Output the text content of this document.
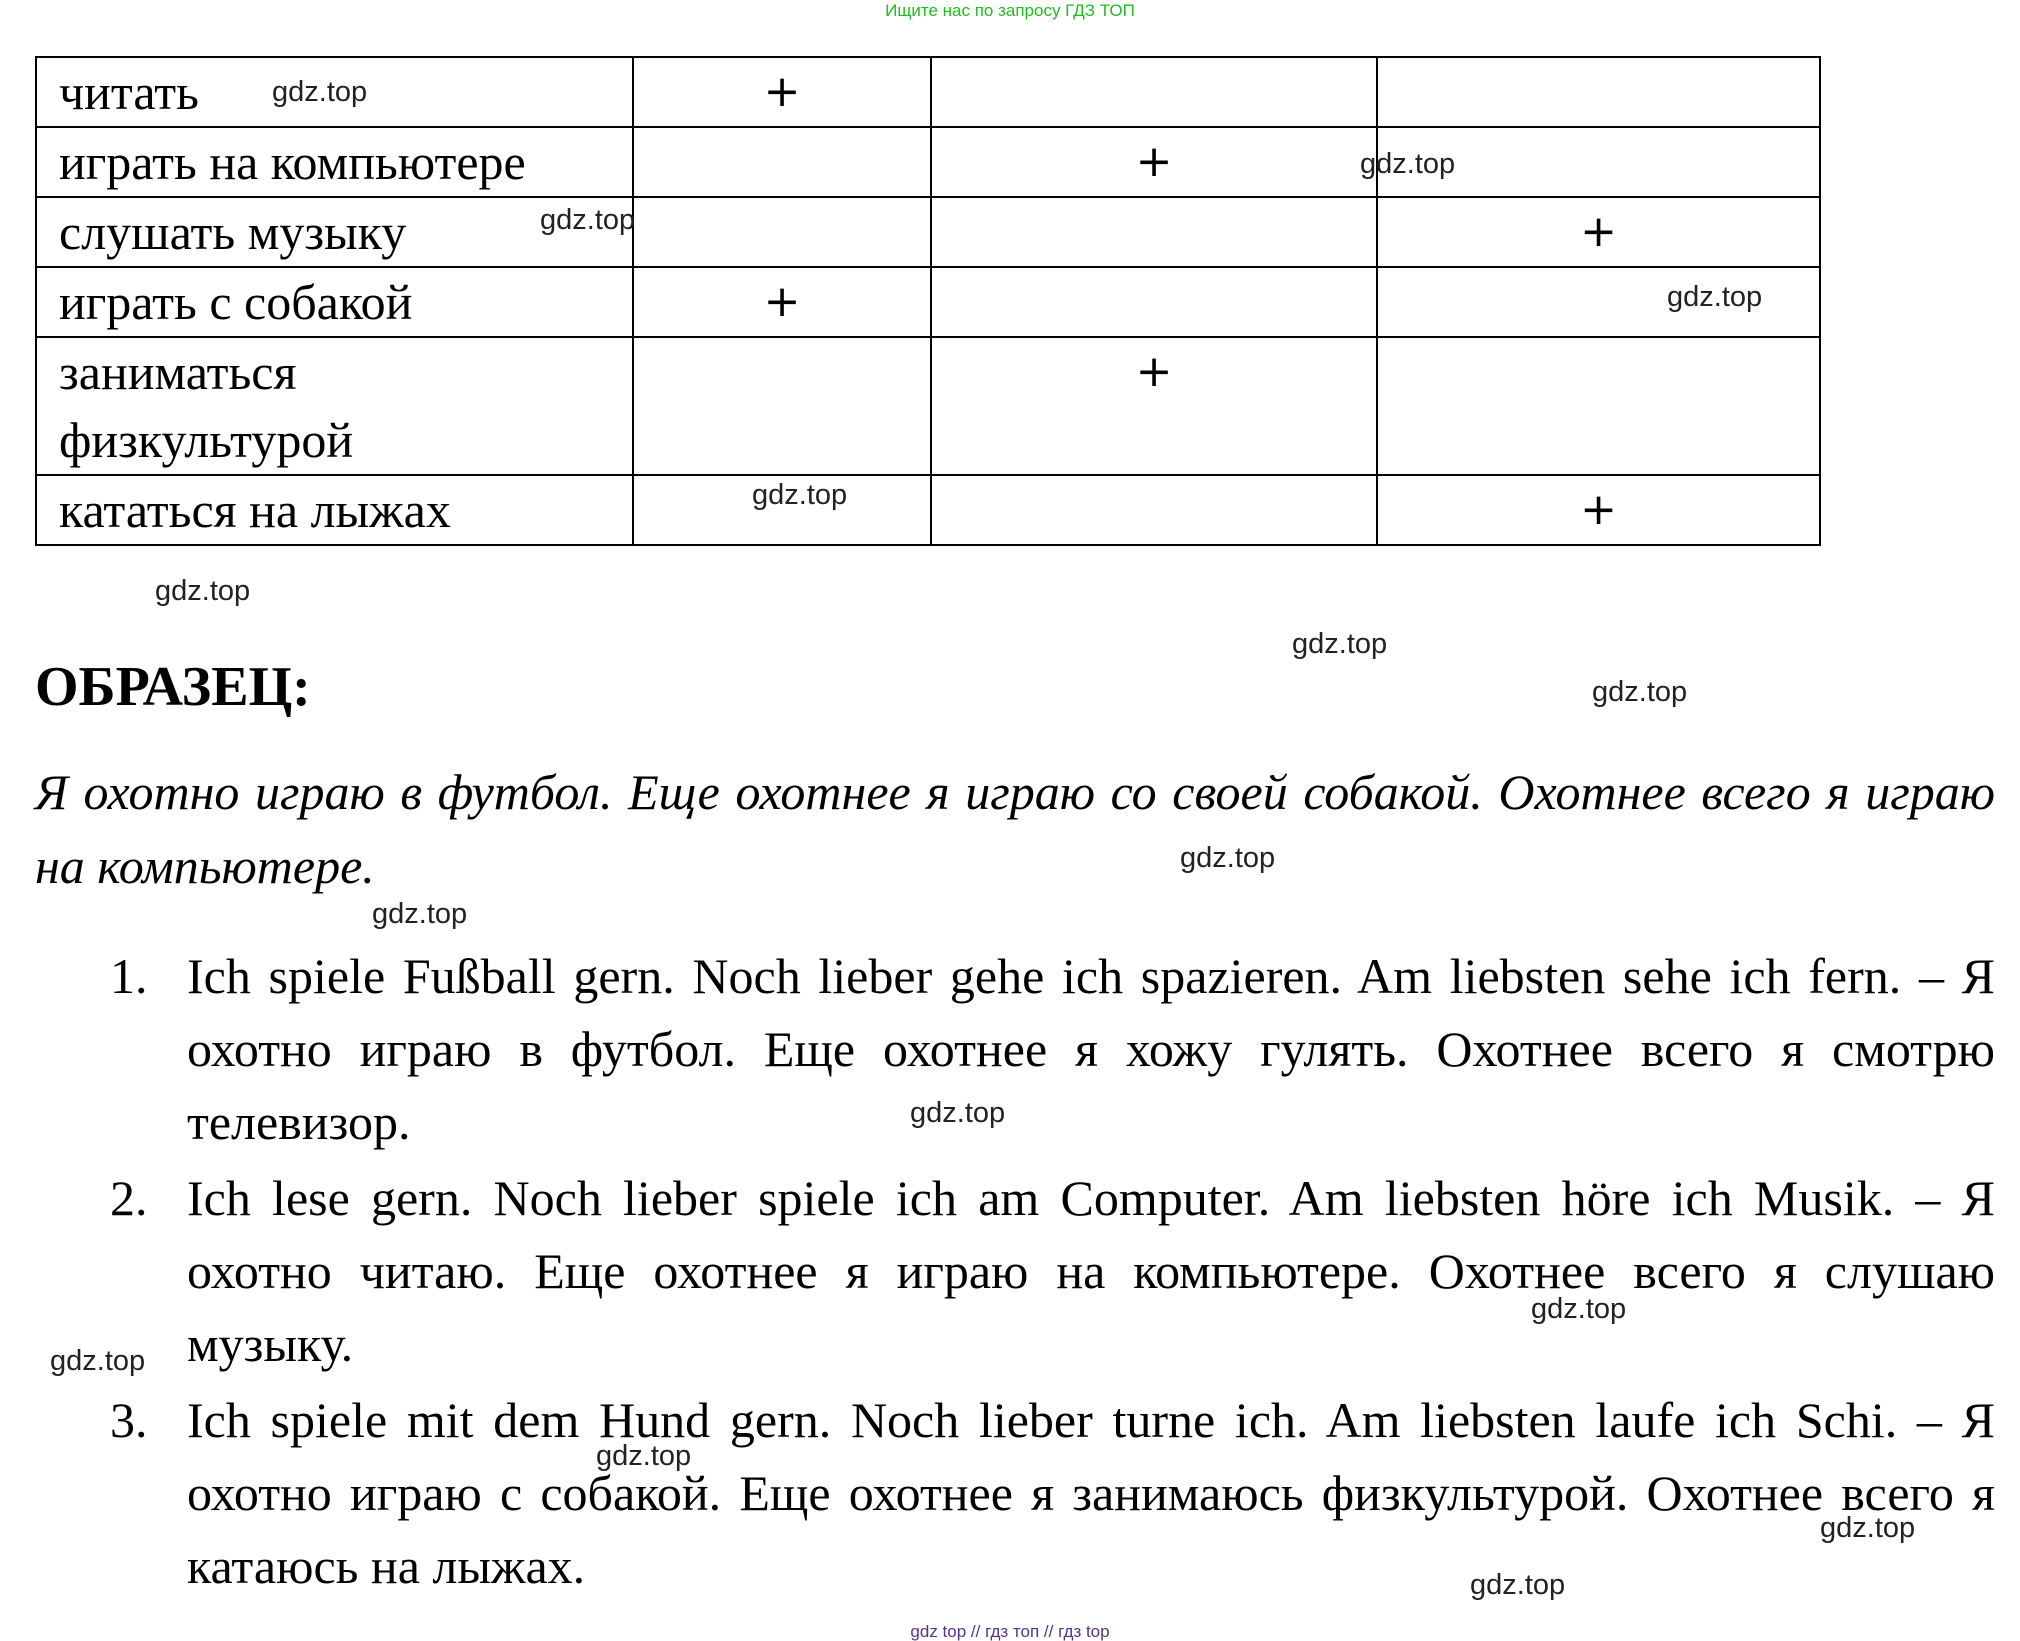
Ищите нас по запросу ГДЗ ТОП
читать	+		
играть на компьютере		+	
слушать музыку			+
играть с собакой	+		

заниматься физкультурой		+	
кататься на лыжах			+
ОБРАЗЕЦ:
Я охотно играю в футбол. Еще охотнее я играю со своей собакой. Охотнее всего я играю на компьютере.
1. Ich spiele Fußball gern. Noch lieber gehe ich spazieren. Am liebsten sehe ich fern. – Я охотно играю в футбол. Еще охотнее я хожу гулять. Охотнее всего я смотрю телевизор.
2. Ich lese gern. Noch lieber spiele ich am Computer. Am liebsten höre ich Musik. – Я охотно читаю. Еще охотнее я играю на компьютере. Охотнее всего я слушаю музыку.
3. Ich spiele mit dem Hund gern. Noch lieber turne ich. Am liebsten laufe ich Schi. – Я охотно играю с собакой. Еще охотнее я занимаюсь физкультурой. Охотнее всего я катаюсь на лыжах.
gdz.top
gdz.top
gdz.top
gdz.top
gdz.top
gdz.top
gdz.top
gdz.top
gdz.top
gdz.top
gdz.top
gdz.top
gdz.top
gdz.top
gdz.top
gdz.top
gdz top // гдз топ // гдз top
